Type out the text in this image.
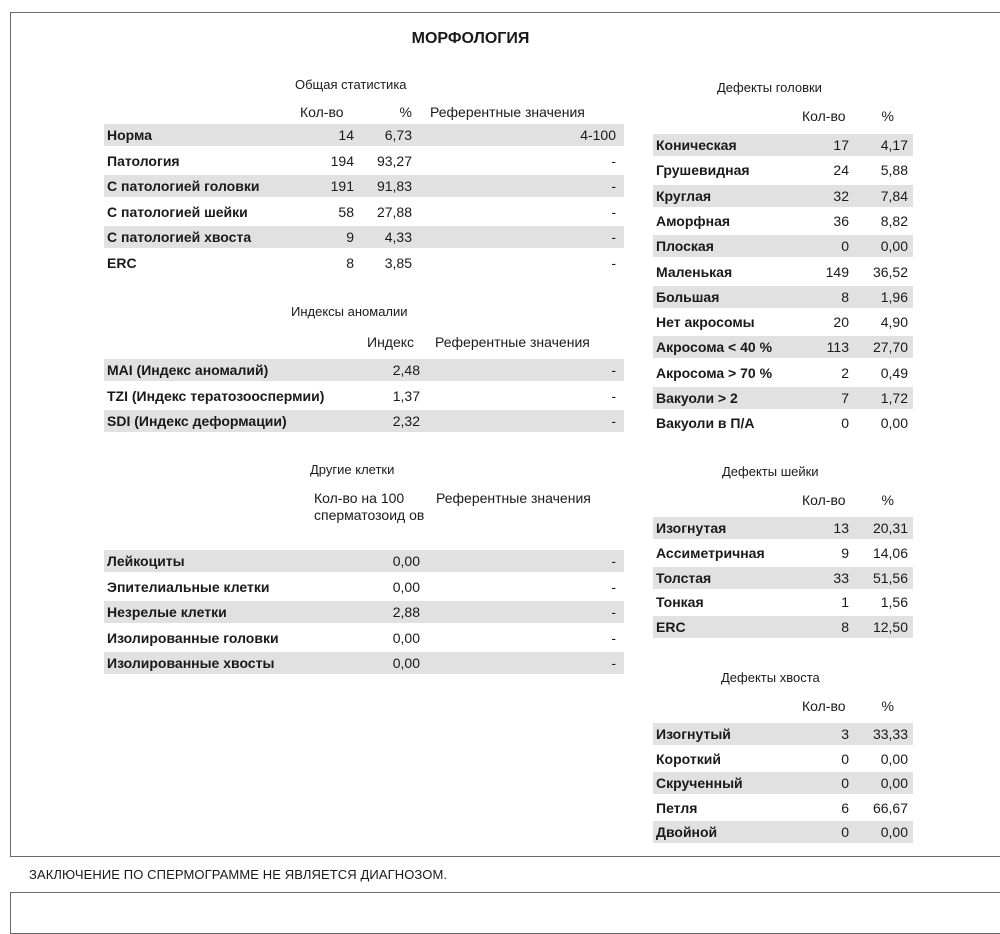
МОРФОЛОГИЯ
Общая статистика
Кол-во	% Референтные значения
Норма	14	6,73	4-100
Патология	194	93,27	-
С патологией головки	191	91,83	-
С патологией шейки	58	27,88	-
С патологией хвоста	9	4,33	-
ERC	8	3,85	-
Индексы аномалии
Индекс Референтные значения
MAI (Индекс аномалий)	2,48	-
TZI (Индекс тератозооспермии)	1,37	-
SDI (Индекс деформации)	2,32	-
Другие клетки
Кол-во на 100 сперматозоид ов
Референтные значения
Лейкоциты	0,00	-
Эпителиальные клетки	0,00	-
Незрелые клетки	2,88	-
Изолированные головки	0,00	-
Изолированные хвосты	0,00	-
Дефекты головки
Кол-во	%
Коническая	17	4,17
Грушевидная	24	5,88
Круглая	32	7,84
Аморфная	36	8,82
Плоская	0	0,00
Маленькая	149	36,52
Большая	8	1,96
Нет акросомы	20	4,90
Акросома < 40 %	113	27,70
Акросома > 70 %	2	0,49
Вакуоли > 2	7	1,72
Вакуоли в П/А	0	0,00
Дефекты шейки
Кол-во	%
Изогнутая	13	20,31
Ассиметричная	9	14,06
Толстая	33	51,56
Тонкая	1	1,56
ERC	8	12,50
Дефекты хвоста
Кол-во	%
Изогнутый	3	33,33
Короткий	0	0,00
Скрученный	0	0,00
Петля	6	66,67
Двойной	0	0,00
ЗАКЛЮЧЕНИЕ ПО СПЕРМОГРАММЕ НЕ ЯВЛЯЕТСЯ ДИАГНОЗОМ.
